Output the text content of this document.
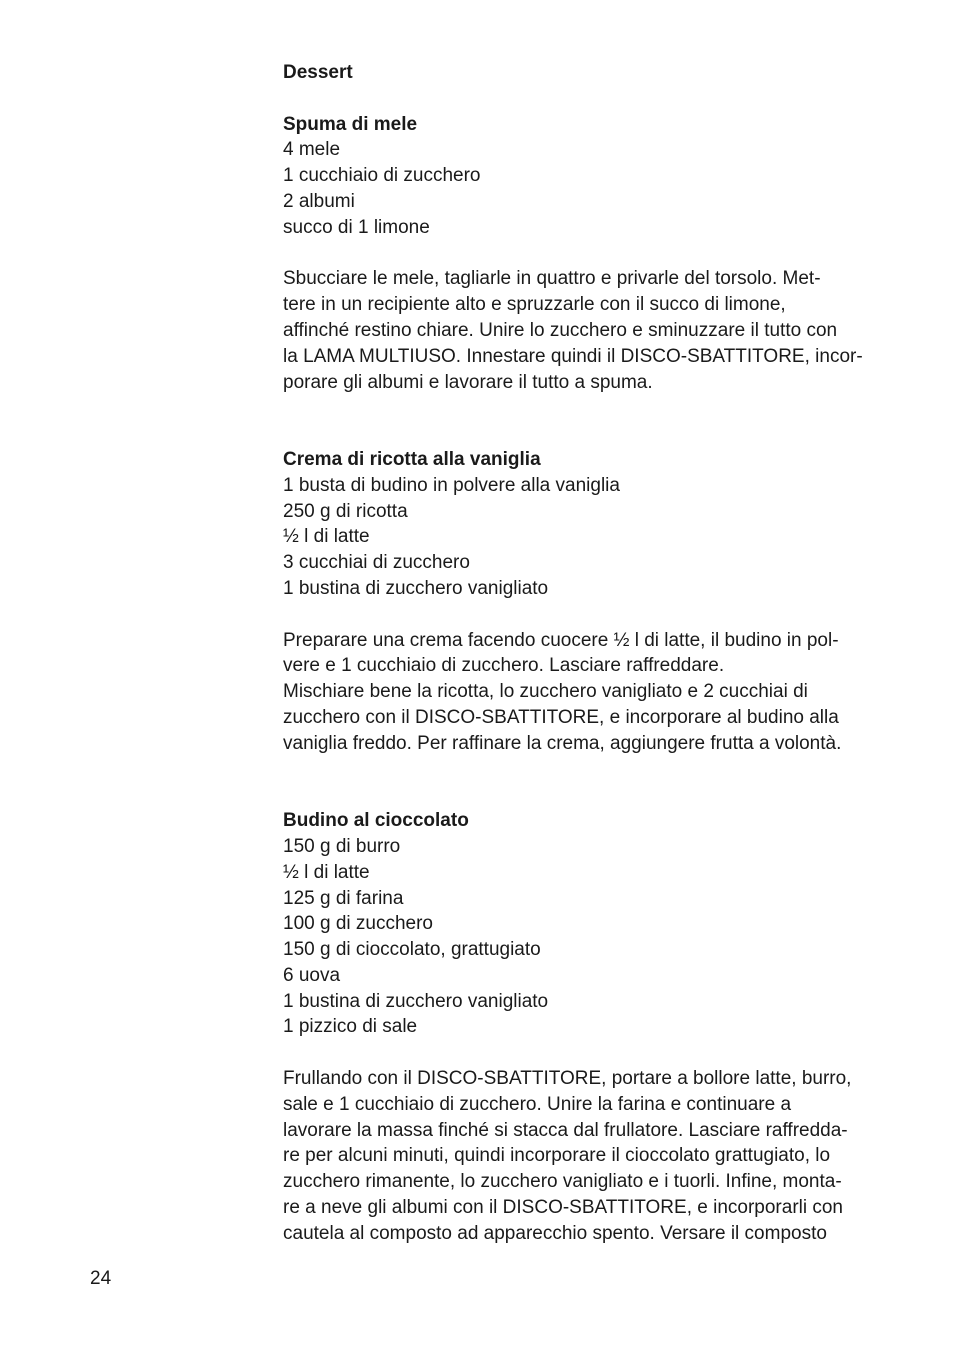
Dessert

Spuma di mele

4 mele

1 cucchiaio di zucchero

2 albumi

succo di 1 limone

Sbucciare le mele, tagliarle in quattro e privarle del torsolo. Met-

tere in un recipiente alto e spruzzarle con il succo di limone,

affinché restino chiare. Unire lo zucchero e sminuzzare il tutto con

la LAMA MULTIUSO. Innestare quindi il DISCO-SBATTITORE, incor-

porare gli albumi e lavorare il tutto a spuma.

Crema di ricotta alla vaniglia

1 busta di budino in polvere alla vaniglia

250 g di ricotta

½ l di latte

3 cucchiai di zucchero

1 bustina di zucchero vanigliato

Preparare una crema facendo cuocere ½ l di latte, il budino in pol-

vere e 1 cucchiaio di zucchero. Lasciare raffreddare.

Mischiare bene la ricotta, lo zucchero vanigliato e 2 cucchiai di

zucchero con il DISCO-SBATTITORE, e incorporare al budino alla

vaniglia freddo. Per raffinare la crema, aggiungere frutta a volontà.

Budino al cioccolato

150 g di burro

½ l di latte

125 g di farina

100 g di zucchero

150 g di cioccolato, grattugiato

6 uova

1 bustina di zucchero vanigliato

1 pizzico di sale

Frullando con il DISCO-SBATTITORE, portare a bollore latte, burro,

sale e 1 cucchiaio di zucchero. Unire la farina e continuare a

lavorare la massa finché si stacca dal frullatore. Lasciare raffredda-

re per alcuni minuti, quindi incorporare il cioccolato grattugiato, lo

zucchero rimanente, lo zucchero vanigliato e i tuorli. Infine, monta-

re a neve gli albumi con il DISCO-SBATTITORE, e incorporarli con

cautela al composto ad apparecchio spento. Versare il composto

24
